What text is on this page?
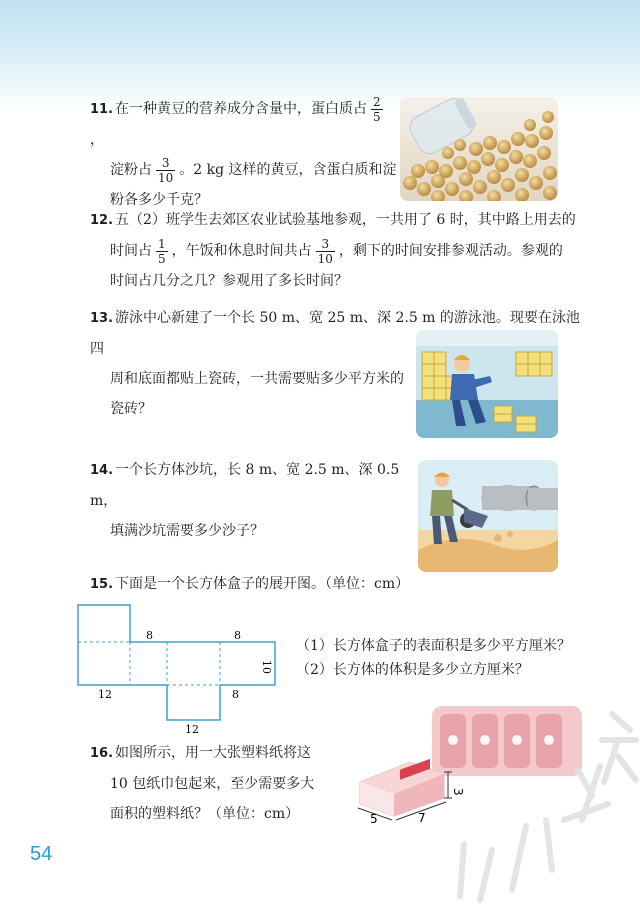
11. 在一种黄豆的营养成分含量中，蛋白质占 $\frac{2}{5}$
，
淀粉占 $\frac{3}{10}$ 。2 kg 这样的黄豆，含蛋白质和淀
粉各多少千克？
12. 五（2）班学生去郊区农业试验基地参观，一共用了 6 时，其中路上用去的
时间占 $\frac{1}{5}$ ，午饭和休息时间共占 $\frac{3}{10}$ ，剩下的时间安排参观活动。参观的
时间占几分之几？参观用了多长时间？
13. 游泳中心新建了一个长 50 m、宽 25 m、深 2.5 m 的游泳池。现要在泳池四
周和底面都贴上瓷砖，一共需要贴多少平方米的
瓷砖？
14. 一个长方体沙坑，长 8 m、宽 2.5 m、深 0.5 m，
填满沙坑需要多少沙子？
15. 下面是一个长方体盒子的展开图。（单位：cm）
8	8
10
12	8
12
（1）长方体盒子的表面积是多少平方厘米？
（2）长方体的体积是多少立方厘米？
16. 如图所示，用一大张塑料纸将这
10 包纸巾包起来，至少需要多大
面积的塑料纸？（单位：cm）
3
5	7
54
